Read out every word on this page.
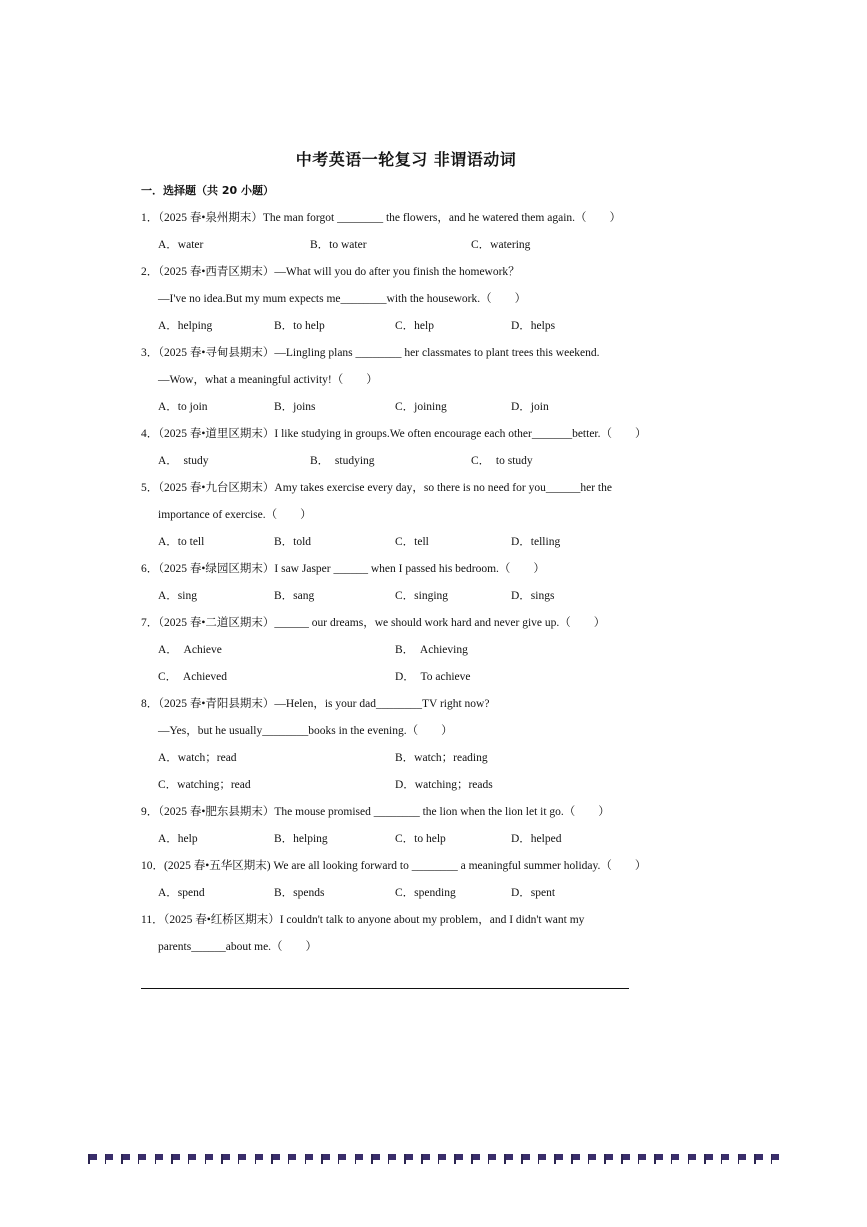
中考英语一轮复习 非谓语动词
一．选择题（共 20 小题）
1．（2025 春•泉州期末）The man forgot ________ the flowers，and he watered them again.（　　）
A．water	B．to water	C．watering
2．（2025 春•西青区期末）—What will you do after you finish the homework？
—I've no idea.But my mum expects me________with the housework.（　　）
A．helping	B．to help	C．help	D．helps
3．（2025 春•寻甸县期末）—Lingling plans ________ her classmates to plant trees this weekend.
—Wow，what a meaningful activity!（　　）
A．to join	B．joins	C．joining	D．join
4．（2025 春•道里区期末）I like studying in groups.We often encourage each other_______better.（　　）
A．　study	B．　studying	C．　to study
5．（2025 春•九台区期末）Amy takes exercise every day，so there is no need for you______her the
importance of exercise.（　　）
A．to tell	B．told	C．tell	D．telling
6．（2025 春•绿园区期末）I saw Jasper ______ when I passed his bedroom.（　　）
A．sing	B．sang	C．singing	D．sings
7．（2025 春•二道区期末）______ our dreams，we should work hard and never give up.（　　）
A．　Achieve	B．　Achieving
C．　Achieved	D．　To achieve
8．（2025 春•青阳县期末）—Helen，is your dad________TV right now?
—Yes，but he usually________books in the evening.（　　）
A．watch；read	B．watch；reading
C．watching；read	D．watching；reads
9．（2025 春•肥东县期末）The mouse promised ________ the lion when the lion let it go.（　　）
A．help	B．helping	C．to help	D．helped
10．(2025 春•五华区期末) We are all looking forward to ________ a meaningful summer holiday.（　　）
A．spend	B．spends	C．spending	D．spent
11．（2025 春•红桥区期末）I couldn't talk to anyone about my problem，and I didn't want my
parents______about me.（　　）
